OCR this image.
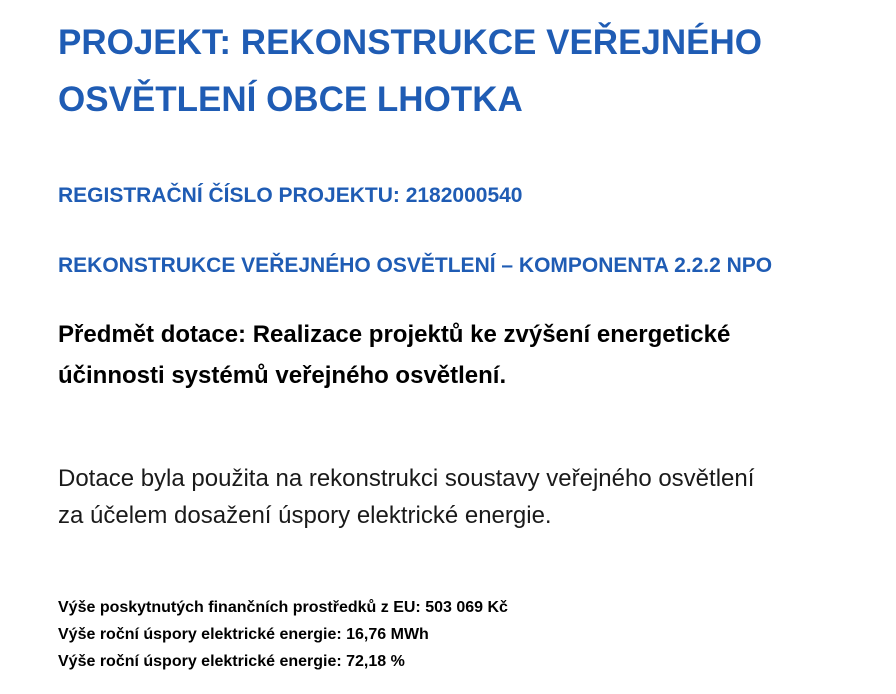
PROJEKT: REKONSTRUKCE VEŘEJNÉHO
OSVĚTLENÍ OBCE LHOTKA
REGISTRAČNÍ ČÍSLO PROJEKTU: 2182000540
REKONSTRUKCE VEŘEJNÉHO OSVĚTLENÍ – KOMPONENTA 2.2.2 NPO
Předmět dotace: Realizace projektů ke zvýšení energetické
účinnosti systémů veřejného osvětlení.
Dotace byla použita na rekonstrukci soustavy veřejného osvětlení
za účelem dosažení úspory elektrické energie.
Výše poskytnutých finančních prostředků z EU: 503 069 Kč
Výše roční úspory elektrické energie: 16,76 MWh
Výše roční úspory elektrické energie: 72,18 %
